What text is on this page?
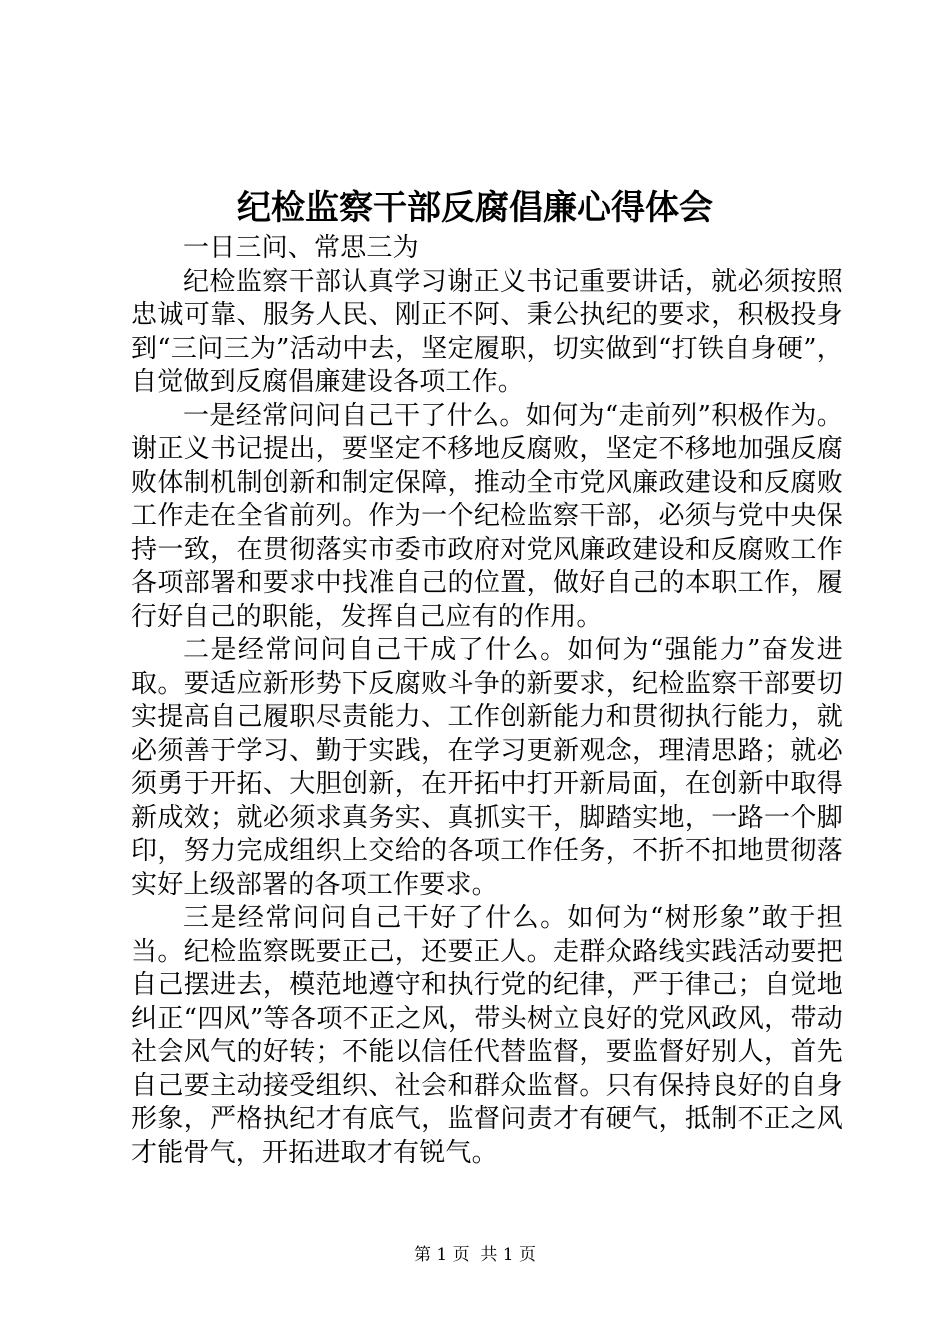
纪检监察干部反腐倡廉心得体会

一日三问、常思三为

纪检监察干部认真学习谢正义书记重要讲话，就必须按照忠诚可靠、服务人民、刚正不阿、秉公执纪的要求，积极投身到“三问三为”活动中去，坚定履职，切实做到“打铁自身硬”，自觉做到反腐倡廉建设各项工作。

一是经常问问自己干了什么。如何为“走前列”积极作为。谢正义书记提出，要坚定不移地反腐败，坚定不移地加强反腐败体制机制创新和制定保障，推动全市党风廉政建设和反腐败工作走在全省前列。作为一个纪检监察干部，必须与党中央保持一致，在贯彻落实市委市政府对党风廉政建设和反腐败工作各项部署和要求中找准自己的位置，做好自己的本职工作，履行好自己的职能，发挥自己应有的作用。

二是经常问问自己干成了什么。如何为“强能力”奋发进取。要适应新形势下反腐败斗争的新要求，纪检监察干部要切实提高自己履职尽责能力、工作创新能力和贯彻执行能力，就必须善于学习、勤于实践，在学习更新观念，理清思路；就必须勇于开拓、大胆创新，在开拓中打开新局面，在创新中取得新成效；就必须求真务实、真抓实干，脚踏实地，一路一个脚印，努力完成组织上交给的各项工作任务，不折不扣地贯彻落实好上级部署的各项工作要求。

三是经常问问自己干好了什么。如何为“树形象”敢于担当。纪检监察既要正己，还要正人。走群众路线实践活动要把自己摆进去，模范地遵守和执行党的纪律，严于律己；自觉地纠正“四风”等各项不正之风，带头树立良好的党风政风，带动社会风气的好转；不能以信任代替监督，要监督好别人，首先自己要主动接受组织、社会和群众监督。只有保持良好的自身形象，严格执纪才有底气，监督问责才有硬气，抵制不正之风才能骨气，开拓进取才有锐气。

第 1 页  共 1 页
